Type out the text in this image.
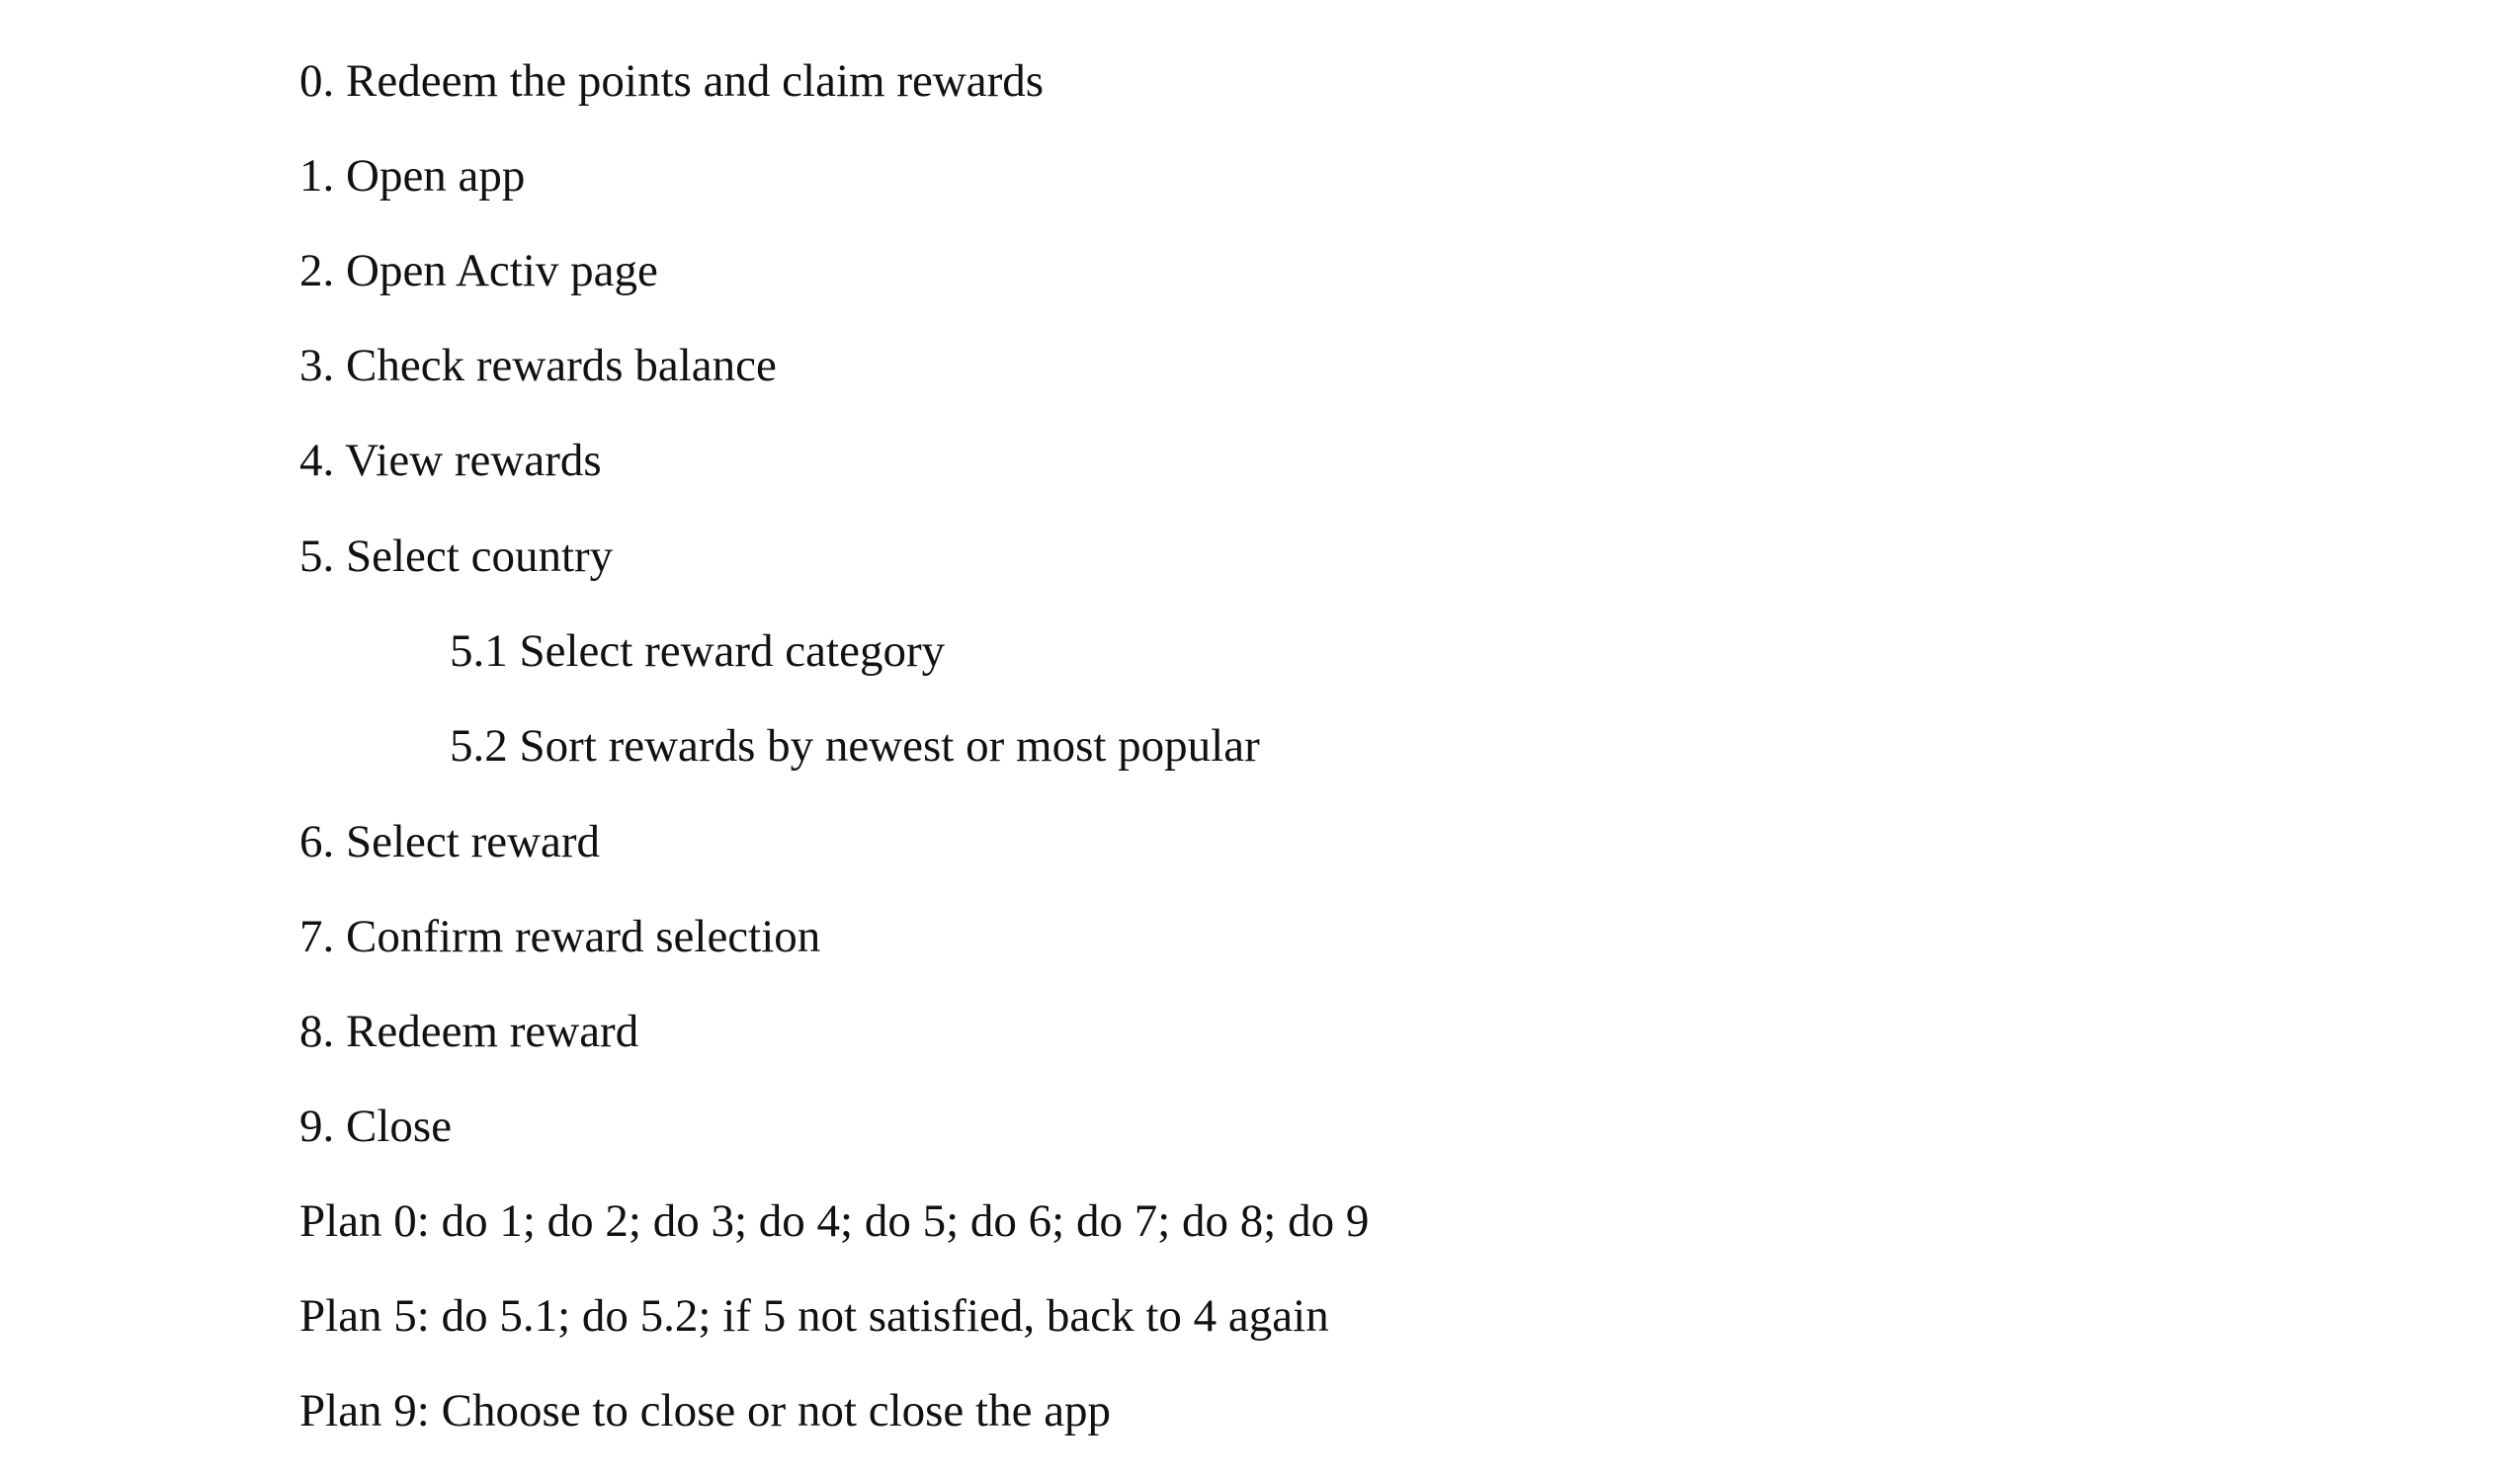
0. Redeem the points and claim rewards
1. Open app
2. Open Activ page
3. Check rewards balance
4. View rewards
5. Select country
5.1 Select reward category
5.2 Sort rewards by newest or most popular
6. Select reward
7. Confirm reward selection
8. Redeem reward
9. Close
Plan 0: do 1; do 2; do 3; do 4; do 5; do 6; do 7; do 8; do 9
Plan 5: do 5.1; do 5.2; if 5 not satisfied, back to 4 again
Plan 9: Choose to close or not close the app
